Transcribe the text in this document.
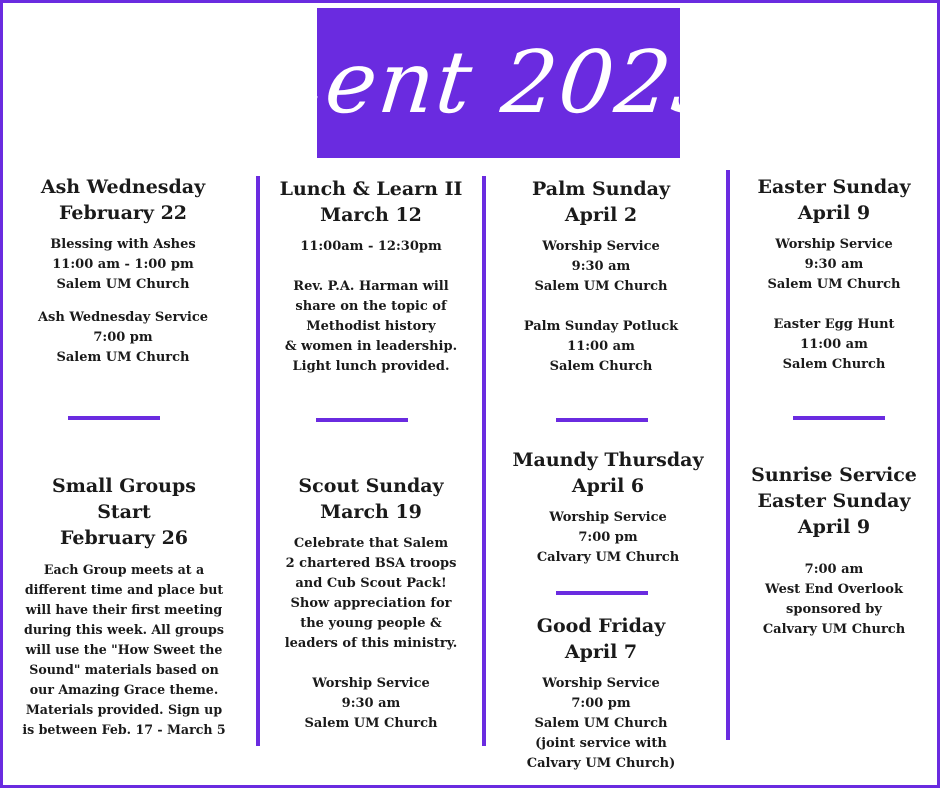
Lent 2023
Ash Wednesday
February 22
Blessing with Ashes
11:00 am - 1:00 pm
Salem UM Church
Ash Wednesday Service
7:00 pm
Salem UM Church
Lunch & Learn II
March 12
11:00am - 12:30pm
Rev. P.A. Harman will
share on the topic of
Methodist history
& women in leadership.
Light lunch provided.
Palm Sunday
April 2
Worship Service
9:30 am
Salem UM Church
Palm Sunday Potluck
11:00 am
Salem Church
Easter Sunday
April 9
Worship Service
9:30 am
Salem UM Church
Easter Egg Hunt
11:00 am
Salem Church
Small Groups
Start
February 26
Each Group meets at a
different time and place but
will have their first meeting
during this week. All groups
will use the "How Sweet the
Sound" materials based on
our Amazing Grace theme.
Materials provided. Sign up
is between Feb. 17 - March 5
Scout Sunday
March 19
Celebrate that Salem
2 chartered BSA troops
and Cub Scout Pack!
Show appreciation for
the young people &
leaders of this ministry.
Worship Service
9:30 am
Salem UM Church
Maundy Thursday
April 6
Worship Service
7:00 pm
Calvary UM Church
Good Friday
April 7
Worship Service
7:00 pm
Salem UM Church
(joint service with
Calvary UM Church)
Sunrise Service
Easter Sunday
April 9
7:00 am
West End Overlook
sponsored by
Calvary UM Church
